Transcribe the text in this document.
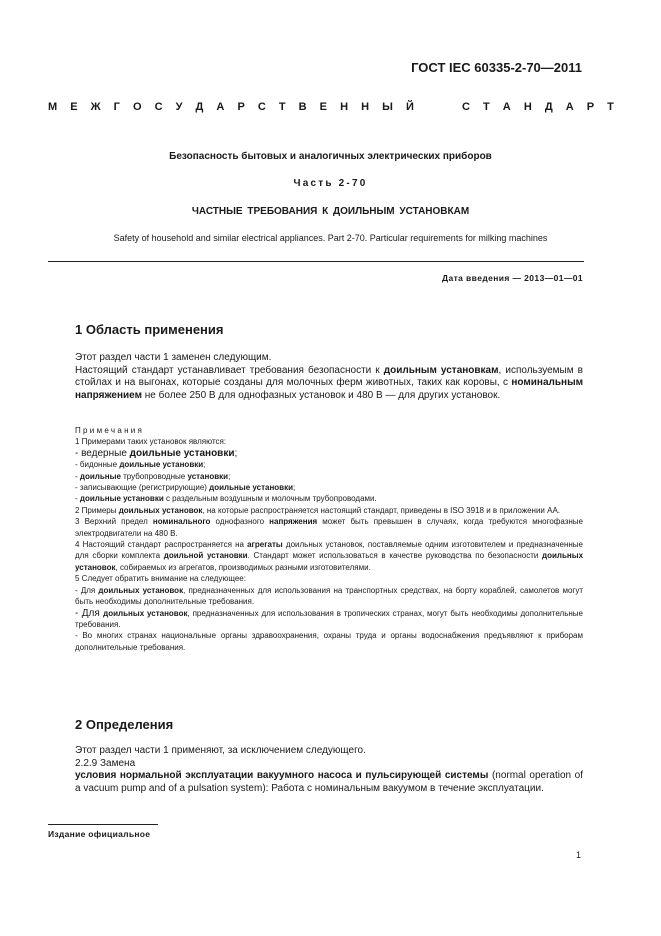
ГОСТ IEC 60335-2-70—2011
М Е Ж Г О С У Д А Р С Т В Е Н Н Ы Й	С Т А Н Д А Р Т
Безопасность бытовых и аналогичных электрических приборов
Часть 2-70
ЧАСТНЫЕ ТРЕБОВАНИЯ К ДОИЛЬНЫМ УСТАНОВКАМ
Safety of household and similar electrical appliances. Part 2-70. Particular requirements for milking machines
Дата введения — 2013—01—01
1 Область применения

Этот раздел части 1 заменен следующим.

Настоящий стандарт устанавливает требования безопасности к доильным установкам, используемым в стойлах и на выгонах, которые созданы для молочных ферм животных, таких как коровы, с номинальным напряжением не более 250 В для однофазных установок и 480 В — для других установок.

Примечания

1 Примерами таких установок являются:

- ведерные доильные установки;

- бидонные доильные установки;

- доильные трубопроводные установки;

- записывающие (регистрирующие) доильные установки;

- доильные установки с раздельным воздушным и молочным трубопроводами.

2 Примеры доильных установок, на которые распространяется настоящий стандарт, приведены в ISO 3918 и в приложении АА.

3 Верхний предел номинального однофазного напряжения может быть превышен в случаях, когда требуются многофазные электродвигатели на 480 В.

4 Настоящий стандарт распространяется на агрегаты доильных установок, поставляемые одним изготовителем и предназначенные для сборки комплекта доильной установки. Стандарт может использоваться в качестве руководства по безопасности доильных установок, собираемых из агрегатов, производимых разными изготовителями.

5 Следует обратить внимание на следующее:

- Для доильных установок, предназначенных для использования на транспортных средствах, на борту кораблей, самолетов могут быть необходимы дополнительные требования.

- Для доильных установок, предназначенных для использования в тропических странах, могут быть необходимы дополнительные требования.

- Во многих странах национальные органы здравоохранения, охраны труда и органы водоснабжения предъявляют к приборам дополнительные требования.

2 Определения

Этот раздел части 1 применяют, за исключением следующего.

2.2.9 Замена

условия нормальной эксплуатации вакуумного насоса и пульсирующей системы (normal operation of a vacuum pump and of a pulsation system): Работа с номинальным вакуумом в течение эксплуатации.

Издание официальное
1
